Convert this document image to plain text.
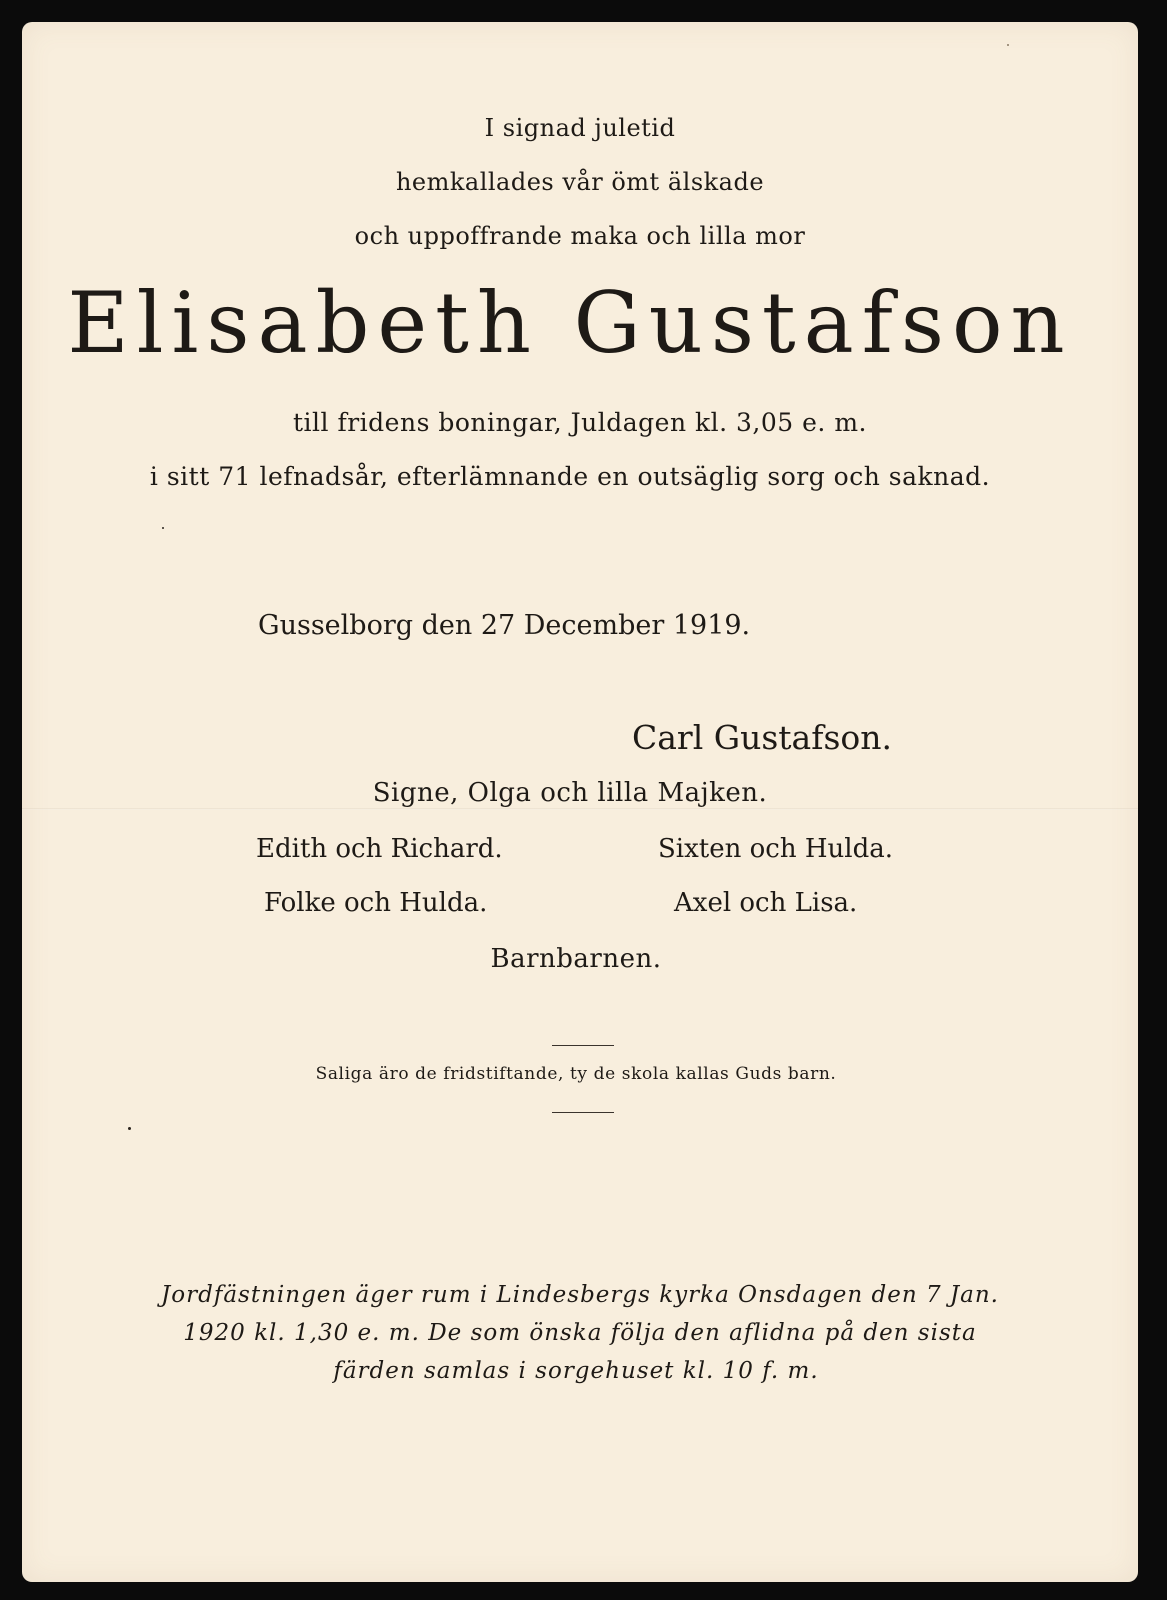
I signad juletid
hemkallades vår ömt älskade
och uppoffrande maka och lilla mor
Elisabeth Gustafson
till fridens boningar, Juldagen kl. 3,05 e. m.
i sitt 71 lefnadsår, efterlämnande en outsäglig sorg och saknad.
Gusselborg den 27 December 1919.
Carl Gustafson.
Signe, Olga och lilla Majken.
Edith och Richard.
Folke och Hulda.
Sixten och Hulda.
Axel och Lisa.
Barnbarnen.
Saliga äro de fridstiftande, ty de skola kallas Guds barn.
Jordfästningen äger rum i Lindesbergs kyrka Onsdagen den 7 Jan.
1920 kl. 1,30 e. m. De som önska följa den aflidna på den sista
färden samlas i sorgehuset kl. 10 f. m.
